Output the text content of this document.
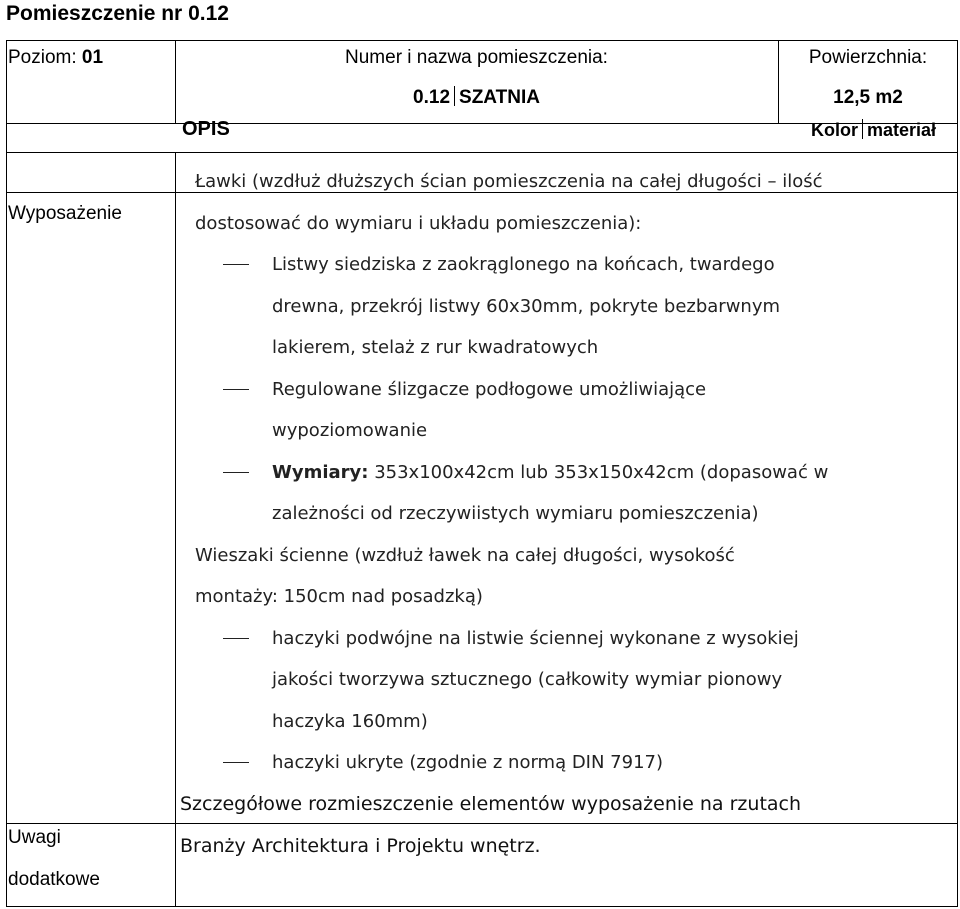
Pomieszczenie nr 0.12
Poziom: 01	Numer i nazwa pomieszczenia:
0.12 SZATNIA
Powierzchnia:
12,5 m2
OPIS	Kolor materiał
Wyposażenie
Ławki (wzdłuż dłuższych ścian pomieszczenia na całej długości – ilość
dostosować do wymiaru i układu pomieszczenia):
Listwy siedziska z zaokrąglonego na końcach, twardego
drewna, przekrój listwy 60x30mm, pokryte bezbarwnym
lakierem, stelaż z rur kwadratowych
Regulowane ślizgacze podłogowe umożliwiające
wypoziomowanie
Wymiary: 353x100x42cm lub 353x150x42cm (dopasować w
zależności od rzeczywiistych wymiaru pomieszczenia)
Wieszaki ścienne (wzdłuż ławek na całej długości, wysokość
montaży: 150cm nad posadzką)
haczyki podwójne na listwie ściennej wykonane z wysokiej
jakości tworzywa sztucznego (całkowity wymiar pionowy
haczyka 160mm)
haczyki ukryte (zgodnie z normą DIN 7917)
Uwagi
dodatkowe
Szczegółowe rozmieszczenie elementów wyposażenie na rzutach
Branży Architektura i Projektu wnętrz.
